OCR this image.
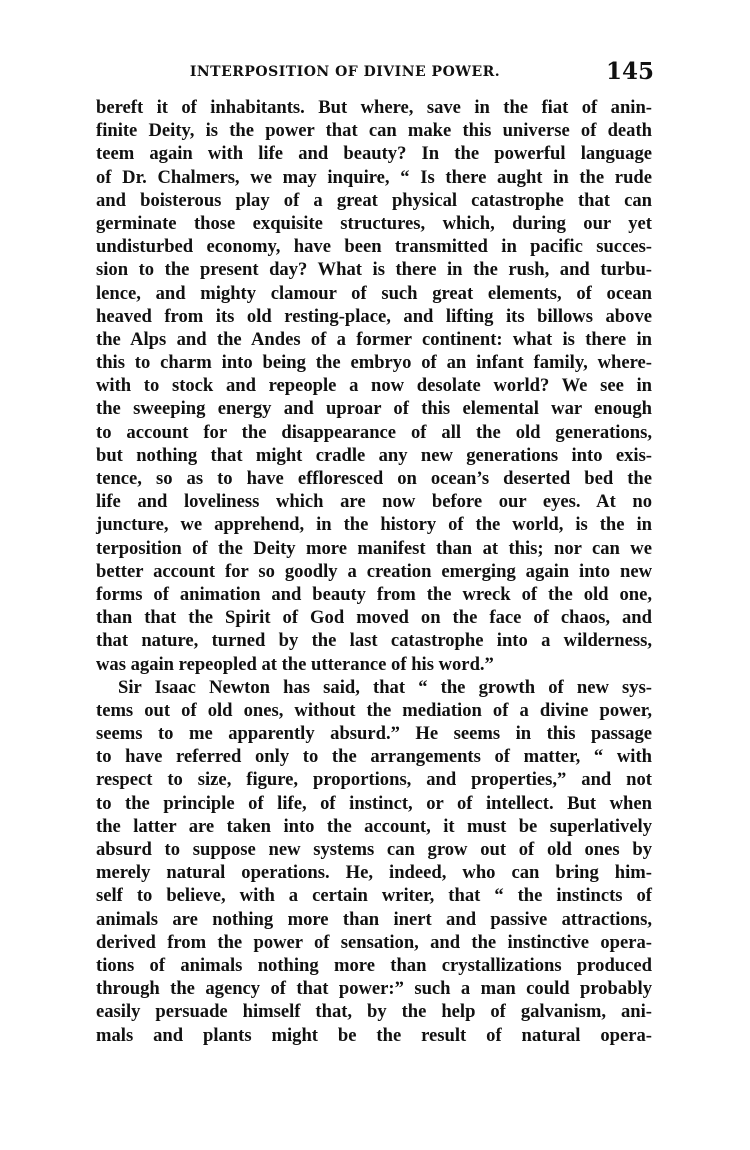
INTERPOSITION OF DIVINE POWER.	145
bereft it of inhabitants. But where, save in the fiat of anin-
finite Deity, is the power that can make this universe of death
teem again with life and beauty? In the powerful language
of Dr. Chalmers, we may inquire, “ Is there aught in the rude
and boisterous play of a great physical catastrophe that can
germinate those exquisite structures, which, during our yet
undisturbed economy, have been transmitted in pacific succes-
sion to the present day? What is there in the rush, and turbu-
lence, and mighty clamour of such great elements, of ocean
heaved from its old resting-place, and lifting its billows above
the Alps and the Andes of a former continent: what is there in
this to charm into being the embryo of an infant family, where-
with to stock and repeople a now desolate world? We see in
the sweeping energy and uproar of this elemental war enough
to account for the disappearance of all the old generations,
but nothing that might cradle any new generations into exis-
tence, so as to have effloresced on ocean’s deserted bed the
life and loveliness which are now before our eyes. At no
juncture, we apprehend, in the history of the world, is the in
terposition of the Deity more manifest than at this; nor can we
better account for so goodly a creation emerging again into new
forms of animation and beauty from the wreck of the old one,
than that the Spirit of God moved on the face of chaos, and
that nature, turned by the last catastrophe into a wilderness,
was again repeopled at the utterance of his word.”
Sir Isaac Newton has said, that “ the growth of new sys-
tems out of old ones, without the mediation of a divine power,
seems to me apparently absurd.” He seems in this passage
to have referred only to the arrangements of matter, “ with
respect to size, figure, proportions, and properties,” and not
to the principle of life, of instinct, or of intellect. But when
the latter are taken into the account, it must be superlatively
absurd to suppose new systems can grow out of old ones by
merely natural operations. He, indeed, who can bring him-
self to believe, with a certain writer, that “ the instincts of
animals are nothing more than inert and passive attractions,
derived from the power of sensation, and the instinctive opera-
tions of animals nothing more than crystallizations produced
through the agency of that power:” such a man could probably
easily persuade himself that, by the help of galvanism, ani-
mals and plants might be the result of natural opera-
